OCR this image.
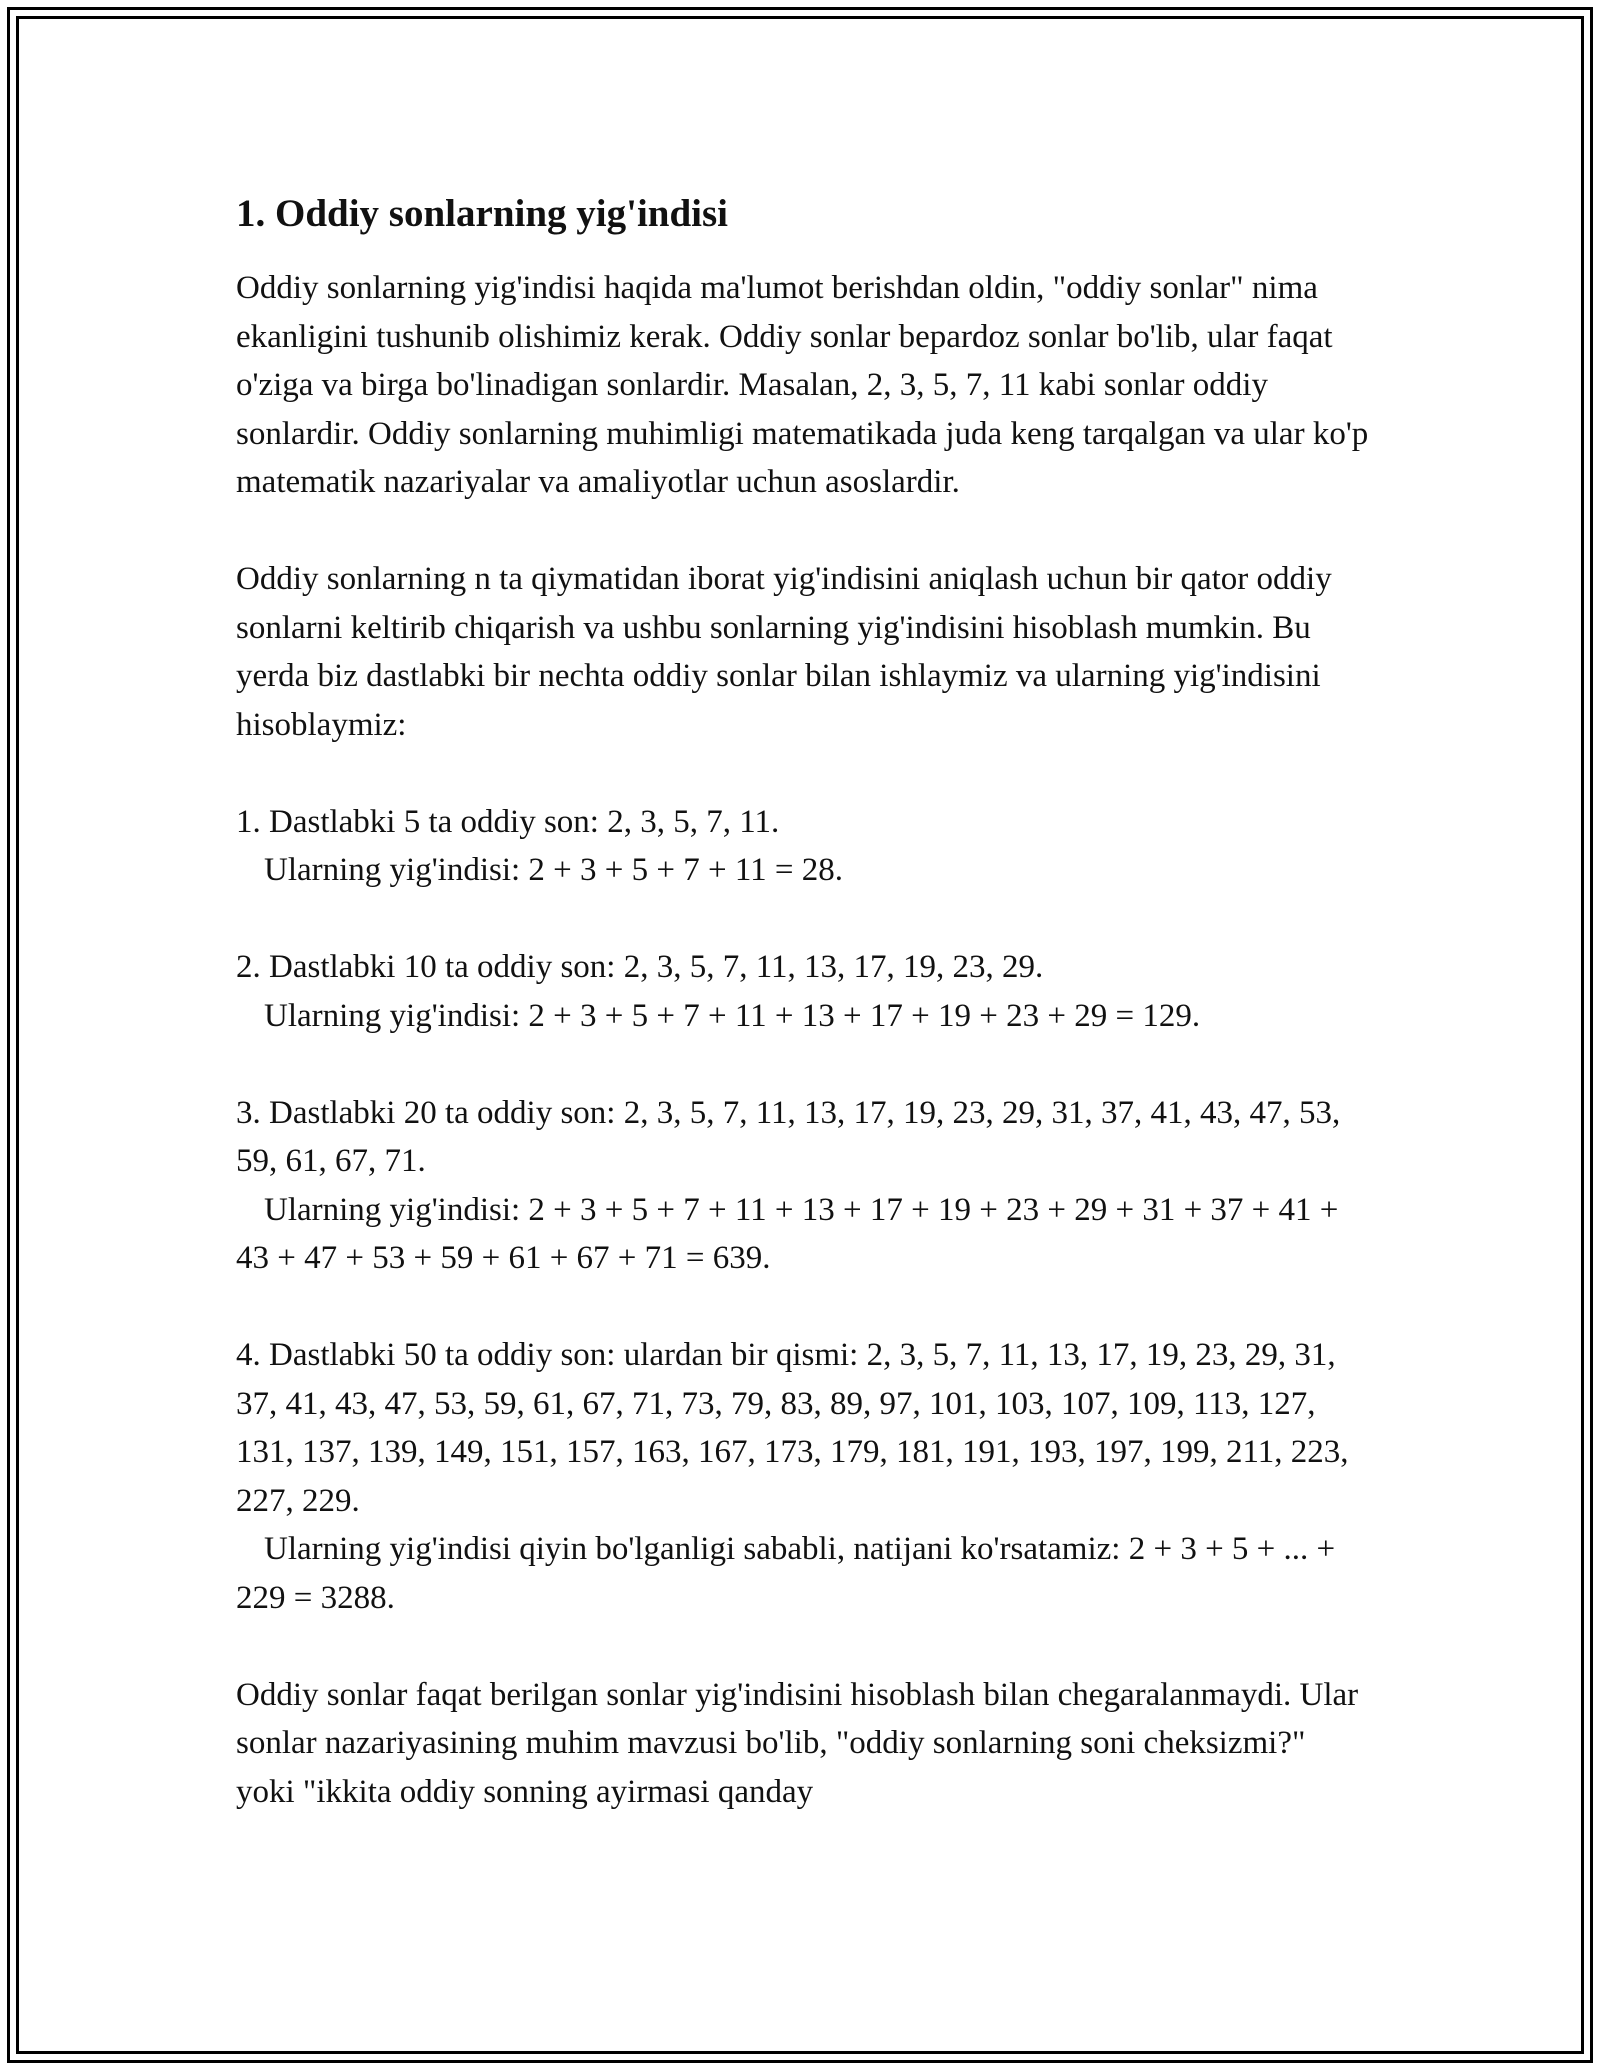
1. Oddiy sonlarning yig'indisi

Oddiy sonlarning yig'indisi haqida ma'lumot berishdan oldin, "oddiy sonlar" nima ekanligini tushunib olishimiz kerak. Oddiy sonlar bepardoz sonlar bo'lib, ular faqat o'ziga va birga bo'linadigan sonlardir. Masalan, 2, 3, 5, 7, 11 kabi sonlar oddiy sonlardir. Oddiy sonlarning muhimligi matematikada juda keng tarqalgan va ular ko'p matematik nazariyalar va amaliyotlar uchun asoslardir.

Oddiy sonlarning n ta qiymatidan iborat yig'indisini aniqlash uchun bir qator oddiy sonlarni keltirib chiqarish va ushbu sonlarning yig'indisini hisoblash mumkin. Bu yerda biz dastlabki bir nechta oddiy sonlar bilan ishlaymiz va ularning yig'indisini hisoblaymiz:

1. Dastlabki 5 ta oddiy son: 2, 3, 5, 7, 11.

Ularning yig'indisi: 2 + 3 + 5 + 7 + 11 = 28.

2. Dastlabki 10 ta oddiy son: 2, 3, 5, 7, 11, 13, 17, 19, 23, 29.

Ularning yig'indisi: 2 + 3 + 5 + 7 + 11 + 13 + 17 + 19 + 23 + 29 = 129.

3. Dastlabki 20 ta oddiy son: 2, 3, 5, 7, 11, 13, 17, 19, 23, 29, 31, 37, 41, 43, 47, 53, 59, 61, 67, 71.

Ularning yig'indisi: 2 + 3 + 5 + 7 + 11 + 13 + 17 + 19 + 23 + 29 + 31 + 37 + 41 + 43 + 47 + 53 + 59 + 61 + 67 + 71 = 639.

4. Dastlabki 50 ta oddiy son: ulardan bir qismi: 2, 3, 5, 7, 11, 13, 17, 19, 23, 29, 31, 37, 41, 43, 47, 53, 59, 61, 67, 71, 73, 79, 83, 89, 97, 101, 103, 107, 109, 113, 127, 131, 137, 139, 149, 151, 157, 163, 167, 173, 179, 181, 191, 193, 197, 199, 211, 223, 227, 229.

Ularning yig'indisi qiyin bo'lganligi sababli, natijani ko'rsatamiz: 2 + 3 + 5 + ... + 229 = 3288.

Oddiy sonlar faqat berilgan sonlar yig'indisini hisoblash bilan chegaralanmaydi. Ular sonlar nazariyasining muhim mavzusi bo'lib, "oddiy sonlarning soni cheksizmi?" yoki "ikkita oddiy sonning ayirmasi qanday
